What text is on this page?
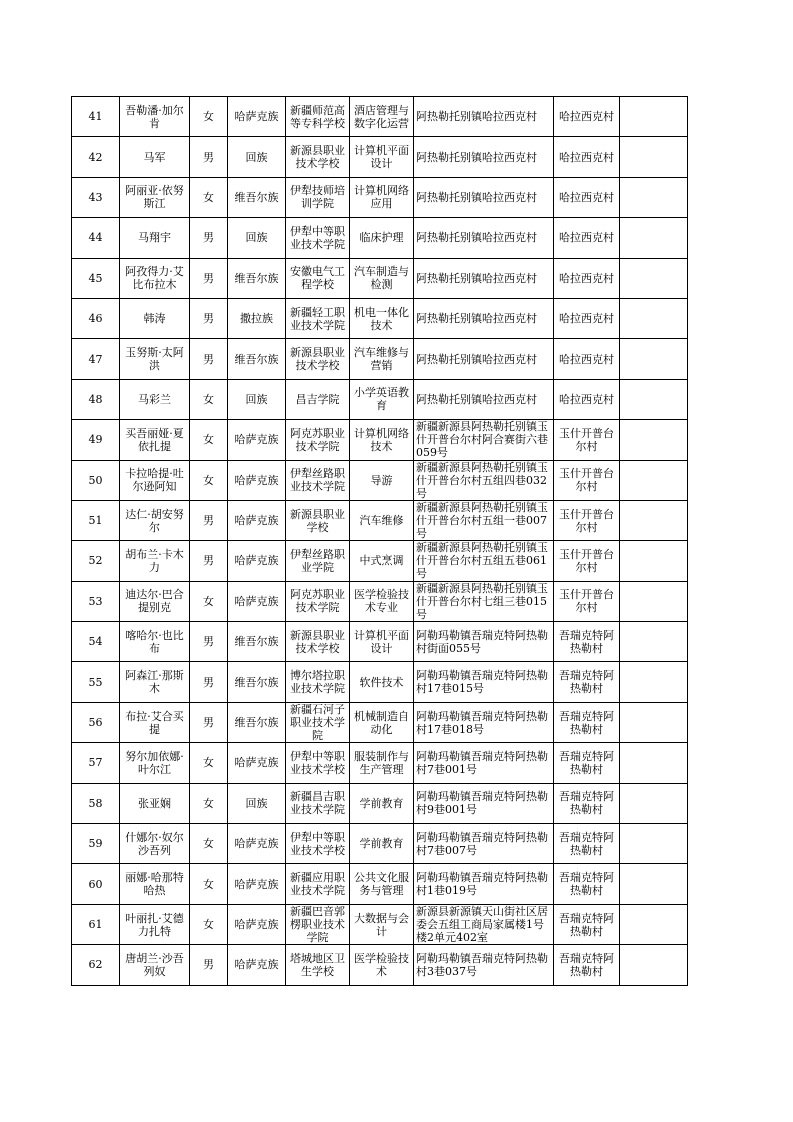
41	吾勒潘·加尔肯	女	哈萨克族	新疆师范高等专科学校	酒店管理与数字化运营	阿热勒托别镇哈拉西克村	哈拉西克村	

42	马军	男	回族	新源县职业技术学校	计算机平面设计	阿热勒托别镇哈拉西克村	哈拉西克村	

43	阿丽亚·依努斯江	女	维吾尔族	伊犁技师培训学院	计算机网络应用	阿热勒托别镇哈拉西克村	哈拉西克村	

44	马翔宇	男	回族	伊犁中等职业技术学院	临床护理	阿热勒托别镇哈拉西克村	哈拉西克村	

45	阿孜得力·艾比布拉木	男	维吾尔族	安徽电气工程学校	汽车制造与检测	阿热勒托别镇哈拉西克村	哈拉西克村	

46	韩涛	男	撒拉族	新疆轻工职业技术学院	机电一体化技术	阿热勒托别镇哈拉西克村	哈拉西克村	

47	玉努斯·太阿洪	男	维吾尔族	新源县职业技术学校	汽车维修与营销	阿热勒托别镇哈拉西克村	哈拉西克村	

48	马彩兰	女	回族	昌吉学院	小学英语教育	阿热勒托别镇哈拉西克村	哈拉西克村	

49	买吾丽娅·夏依扎提	女	哈萨克族	阿克苏职业技术学院	计算机网络技术	新疆新源县阿热勒托别镇玉什开普台尔村阿合赛街六巷059号	玉什开普台尔村	

50	卡拉哈提·吐尔逊阿知	女	哈萨克族	伊犁丝路职业技术学院	导游	新疆新源县阿热勒托别镇玉什开普台尔村五组四巷032号	玉什开普台尔村	

51	达仁·胡安努尔	男	哈萨克族	新源县职业学校	汽车维修	新疆新源县阿热勒托别镇玉什开普台尔村五组一巷007号	玉什开普台尔村	

52	胡布兰·卡木力	男	哈萨克族	伊犁丝路职业学院	中式烹调	新疆新源县阿热勒托别镇玉什开普台尔村五组五巷061号	玉什开普台尔村	

53	迪达尔·巴合提别克	女	哈萨克族	阿克苏职业技术学院	医学检验技术专业	新疆新源县阿热勒托别镇玉什开普台尔村七组三巷015号	玉什开普台尔村	

54	喀哈尔·也比布	男	维吾尔族	新源县职业技术学校	计算机平面设计	阿勒玛勒镇吾瑞克特阿热勒村街面055号	吾瑞克特阿热勒村	

55	阿森江·那斯木	男	维吾尔族	博尔塔拉职业技术学院	软件技术	阿勒玛勒镇吾瑞克特阿热勒村17巷015号	吾瑞克特阿热勒村	

56	布拉·艾合买提	男	维吾尔族	新疆石河子职业技术学院	机械制造自动化	阿勒玛勒镇吾瑞克特阿热勒村17巷018号	吾瑞克特阿热勒村	

57	努尔加依娜·叶尔江	女	哈萨克族	伊犁中等职业技术学校	服装制作与生产管理	阿勒玛勒镇吾瑞克特阿热勒村7巷001号	吾瑞克特阿热勒村	

58	张亚娴	女	回族	新疆昌吉职业技术学院	学前教育	阿勒玛勒镇吾瑞克特阿热勒村9巷001号	吾瑞克特阿热勒村	

59	什娜尔·奴尔沙吾列	女	哈萨克族	伊犁中等职业技术学校	学前教育	阿勒玛勒镇吾瑞克特阿热勒村7巷007号	吾瑞克特阿热勒村	

60	丽娜·哈那特哈热	女	哈萨克族	新疆应用职业技术学院	公共文化服务与管理	阿勒玛勒镇吾瑞克特阿热勒村1巷019号	吾瑞克特阿热勒村	

61	叶丽扎·艾德力扎特	女	哈萨克族	新疆巴音郭楞职业技术学院	大数据与会计	新源县新源镇天山街社区居委会五组工商局家属楼1号楼2单元402室	吾瑞克特阿热勒村	

62	唐胡兰·沙吾列奴	男	哈萨克族	塔城地区卫生学校	医学检验技术	阿勒玛勒镇吾瑞克特阿热勒村3巷037号	吾瑞克特阿热勒村	
